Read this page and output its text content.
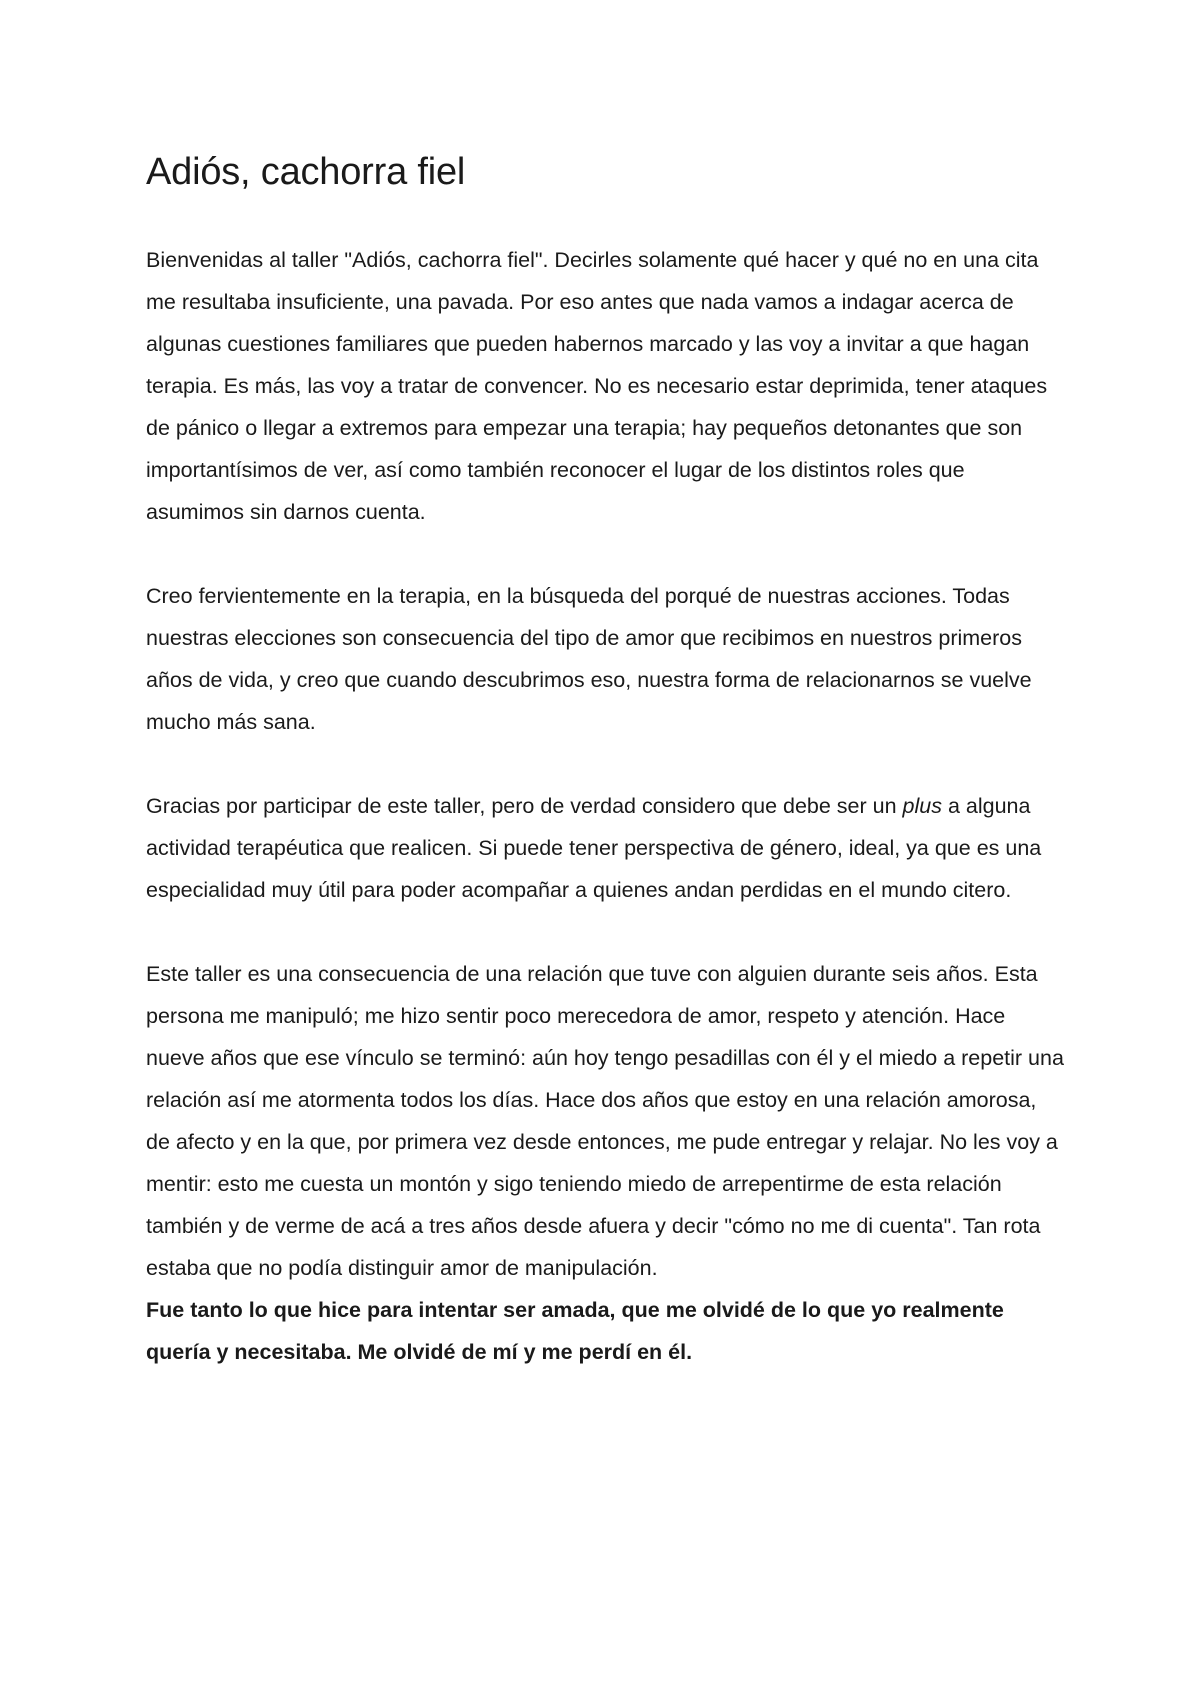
Adiós, cachorra fiel

Bienvenidas al taller "Adiós, cachorra fiel". Decirles solamente qué hacer y qué no en una cita me resultaba insuficiente, una pavada. Por eso antes que nada vamos a indagar acerca de algunas cuestiones familiares que pueden habernos marcado y las voy a invitar a que hagan terapia. Es más, las voy a tratar de convencer. No es necesario estar deprimida, tener ataques de pánico o llegar a extremos para empezar una terapia; hay pequeños detonantes que son importantísimos de ver, así como también reconocer el lugar de los distintos roles que asumimos sin darnos cuenta.

Creo fervientemente en la terapia, en la búsqueda del porqué de nuestras acciones. Todas nuestras elecciones son consecuencia del tipo de amor que recibimos en nuestros primeros años de vida, y creo que cuando descubrimos eso, nuestra forma de relacionarnos se vuelve mucho más sana.

Gracias por participar de este taller, pero de verdad considero que debe ser un plus a alguna actividad terapéutica que realicen. Si puede tener perspectiva de género, ideal, ya que es una especialidad muy útil para poder acompañar a quienes andan perdidas en el mundo citero.

Este taller es una consecuencia de una relación que tuve con alguien durante seis años. Esta persona me manipuló; me hizo sentir poco merecedora de amor, respeto y atención. Hace nueve años que ese vínculo se terminó: aún hoy tengo pesadillas con él y el miedo a repetir una relación así me atormenta todos los días. Hace dos años que estoy en una relación amorosa, de afecto y en la que, por primera vez desde entonces, me pude entregar y relajar. No les voy a mentir: esto me cuesta un montón y sigo teniendo miedo de arrepentirme de esta relación también y de verme de acá a tres años desde afuera y decir "cómo no me di cuenta". Tan rota estaba que no podía distinguir amor de manipulación.

Fue tanto lo que hice para intentar ser amada, que me olvidé de lo que yo realmente quería y necesitaba. Me olvidé de mí y me perdí en él.
